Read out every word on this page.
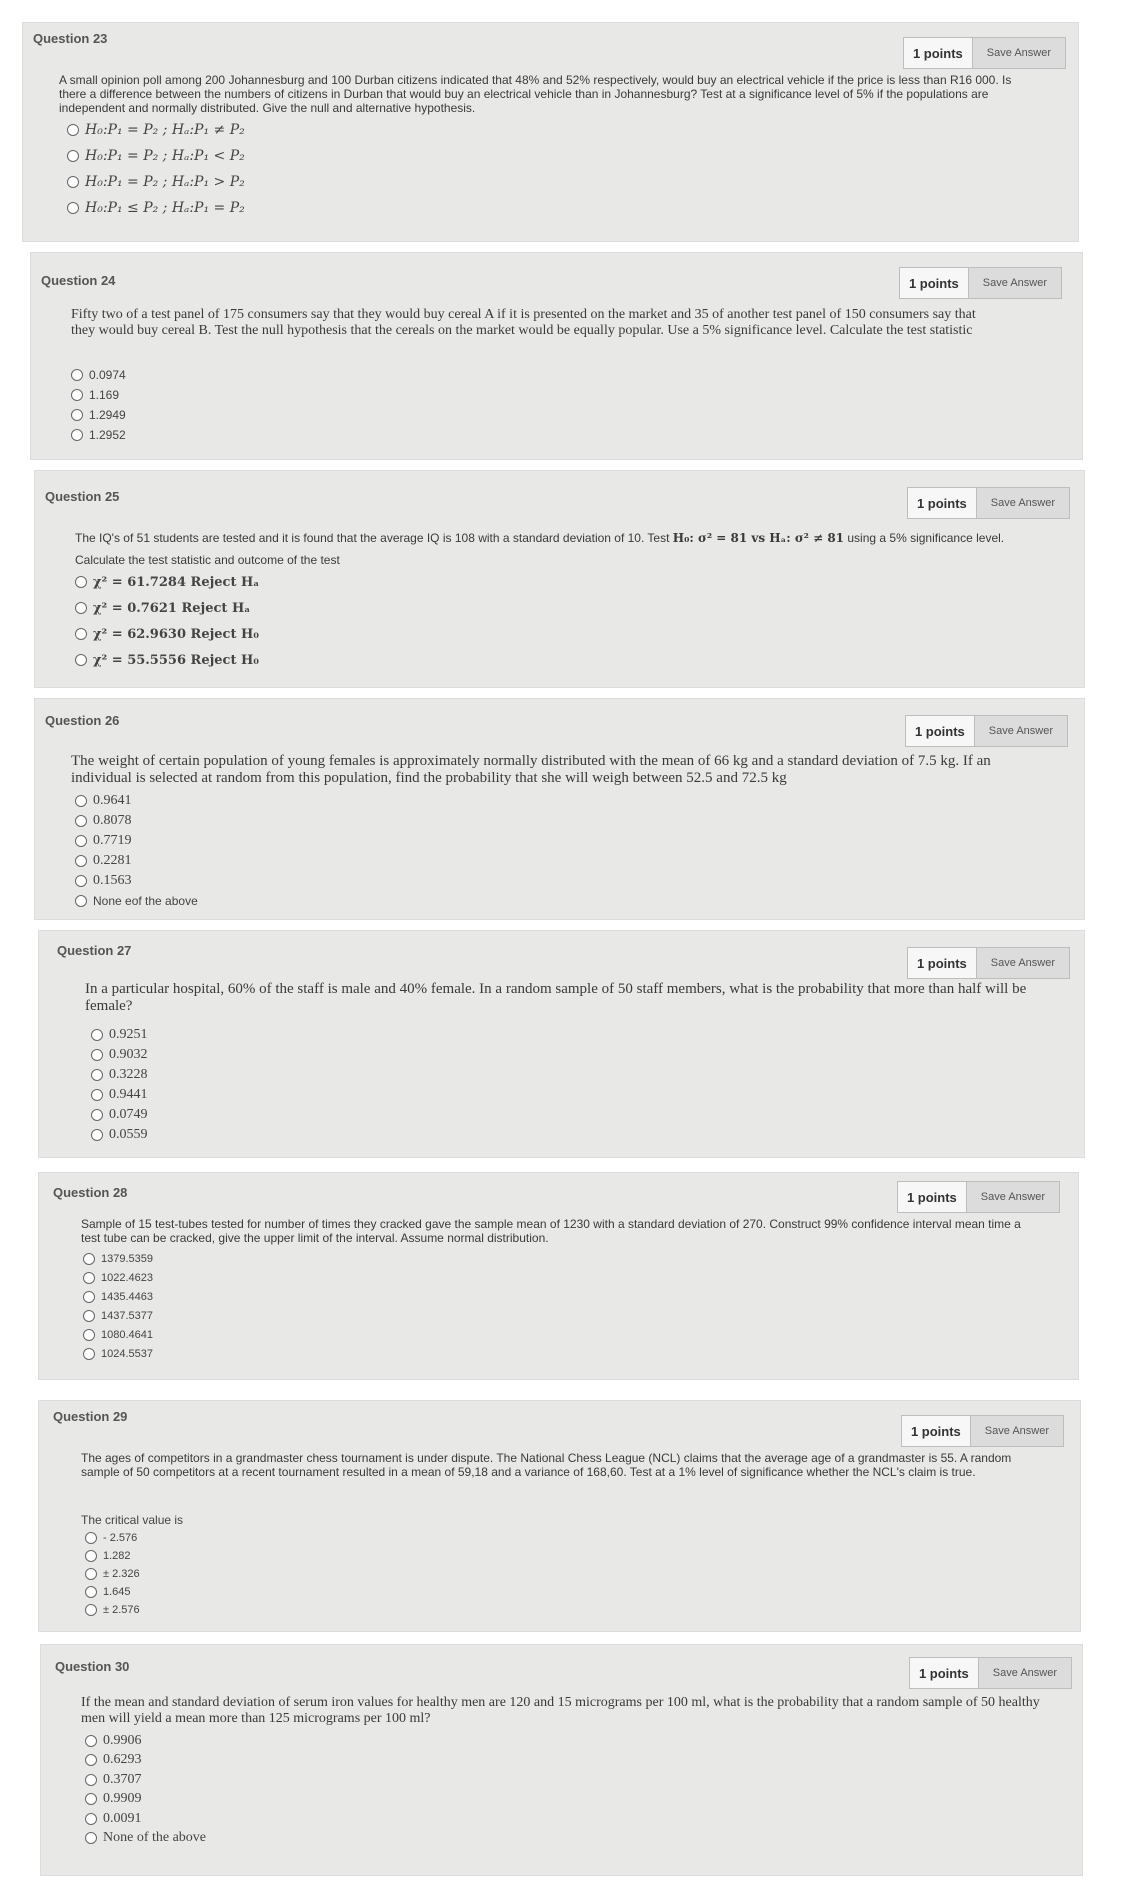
Question 23
1 points	Save Answer
A small opinion poll among 200 Johannesburg and 100 Durban citizens indicated that 48% and 52% respectively, would buy an electrical vehicle if the price is less than R16 000. Is there a difference between the numbers of citizens in Durban that would buy an electrical vehicle than in Johannesburg? Test at a significance level of 5% if the populations are independent and normally distributed. Give the null and alternative hypothesis.
H₀:P₁ = P₂ ; Hₐ:P₁ ≠ P₂
H₀:P₁ = P₂ ; Hₐ:P₁ < P₂
H₀:P₁ = P₂ ; Hₐ:P₁ > P₂
H₀:P₁ ≤ P₂ ; Hₐ:P₁ = P₂
Question 24	1 points	Save Answer
Fifty two of a test panel of 175 consumers say that they would buy cereal A if it is presented on the market and 35 of another test panel of 150 consumers say that they would buy cereal B. Test the null hypothesis that the cereals on the market would be equally popular. Use a 5% significance level. Calculate the test statistic
0.0974
1.169
1.2949
1.2952
Question 25	1 points	Save Answer
The IQ's of 51 students are tested and it is found that the average IQ is 108 with a standard deviation of 10. Test H₀: σ² = 81 vs Hₐ: σ² ≠ 81 using a 5% significance level. Calculate the test statistic and outcome of the test
χ² = 61.7284 Reject Hₐ
χ² = 0.7621 Reject Hₐ
χ² = 62.9630 Reject H₀
χ² = 55.5556 Reject H₀
Question 26
1 points	Save Answer
The weight of certain population of young females is approximately normally distributed with the mean of 66 kg and a standard deviation of 7.5 kg. If an individual is selected at random from this population, find the probability that she will weigh between 52.5 and 72.5 kg
0.9641
0.8078
0.7719
0.2281
0.1563
None eof the above
Question 27
1 points	Save Answer
In a particular hospital, 60% of the staff is male and 40% female. In a random sample of 50 staff members, what is the probability that more than half will be female?
0.9251
0.9032
0.3228
0.9441
0.0749
0.0559
Question 28	1 points	Save Answer
Sample of 15 test-tubes tested for number of times they cracked gave the sample mean of 1230 with a standard deviation of 270. Construct 99% confidence interval mean time a test tube can be cracked, give the upper limit of the interval. Assume normal distribution.
1379.5359
1022.4623
1435.4463
1437.5377
1080.4641
1024.5537
Question 29
1 points	Save Answer
The ages of competitors in a grandmaster chess tournament is under dispute. The National Chess League (NCL) claims that the average age of a grandmaster is 55. A random sample of 50 competitors at a recent tournament resulted in a mean of 59,18 and a variance of 168,60. Test at a 1% level of significance whether the NCL's claim is true.
The critical value is
- 2.576
1.282
± 2.326
1.645
± 2.576
Question 30	1 points	Save Answer
If the mean and standard deviation of serum iron values for healthy men are 120 and 15 micrograms per 100 ml, what is the probability that a random sample of 50 healthy men will yield a mean more than 125 micrograms per 100 ml?
0.9906
0.6293
0.3707
0.9909
0.0091
None of the above
